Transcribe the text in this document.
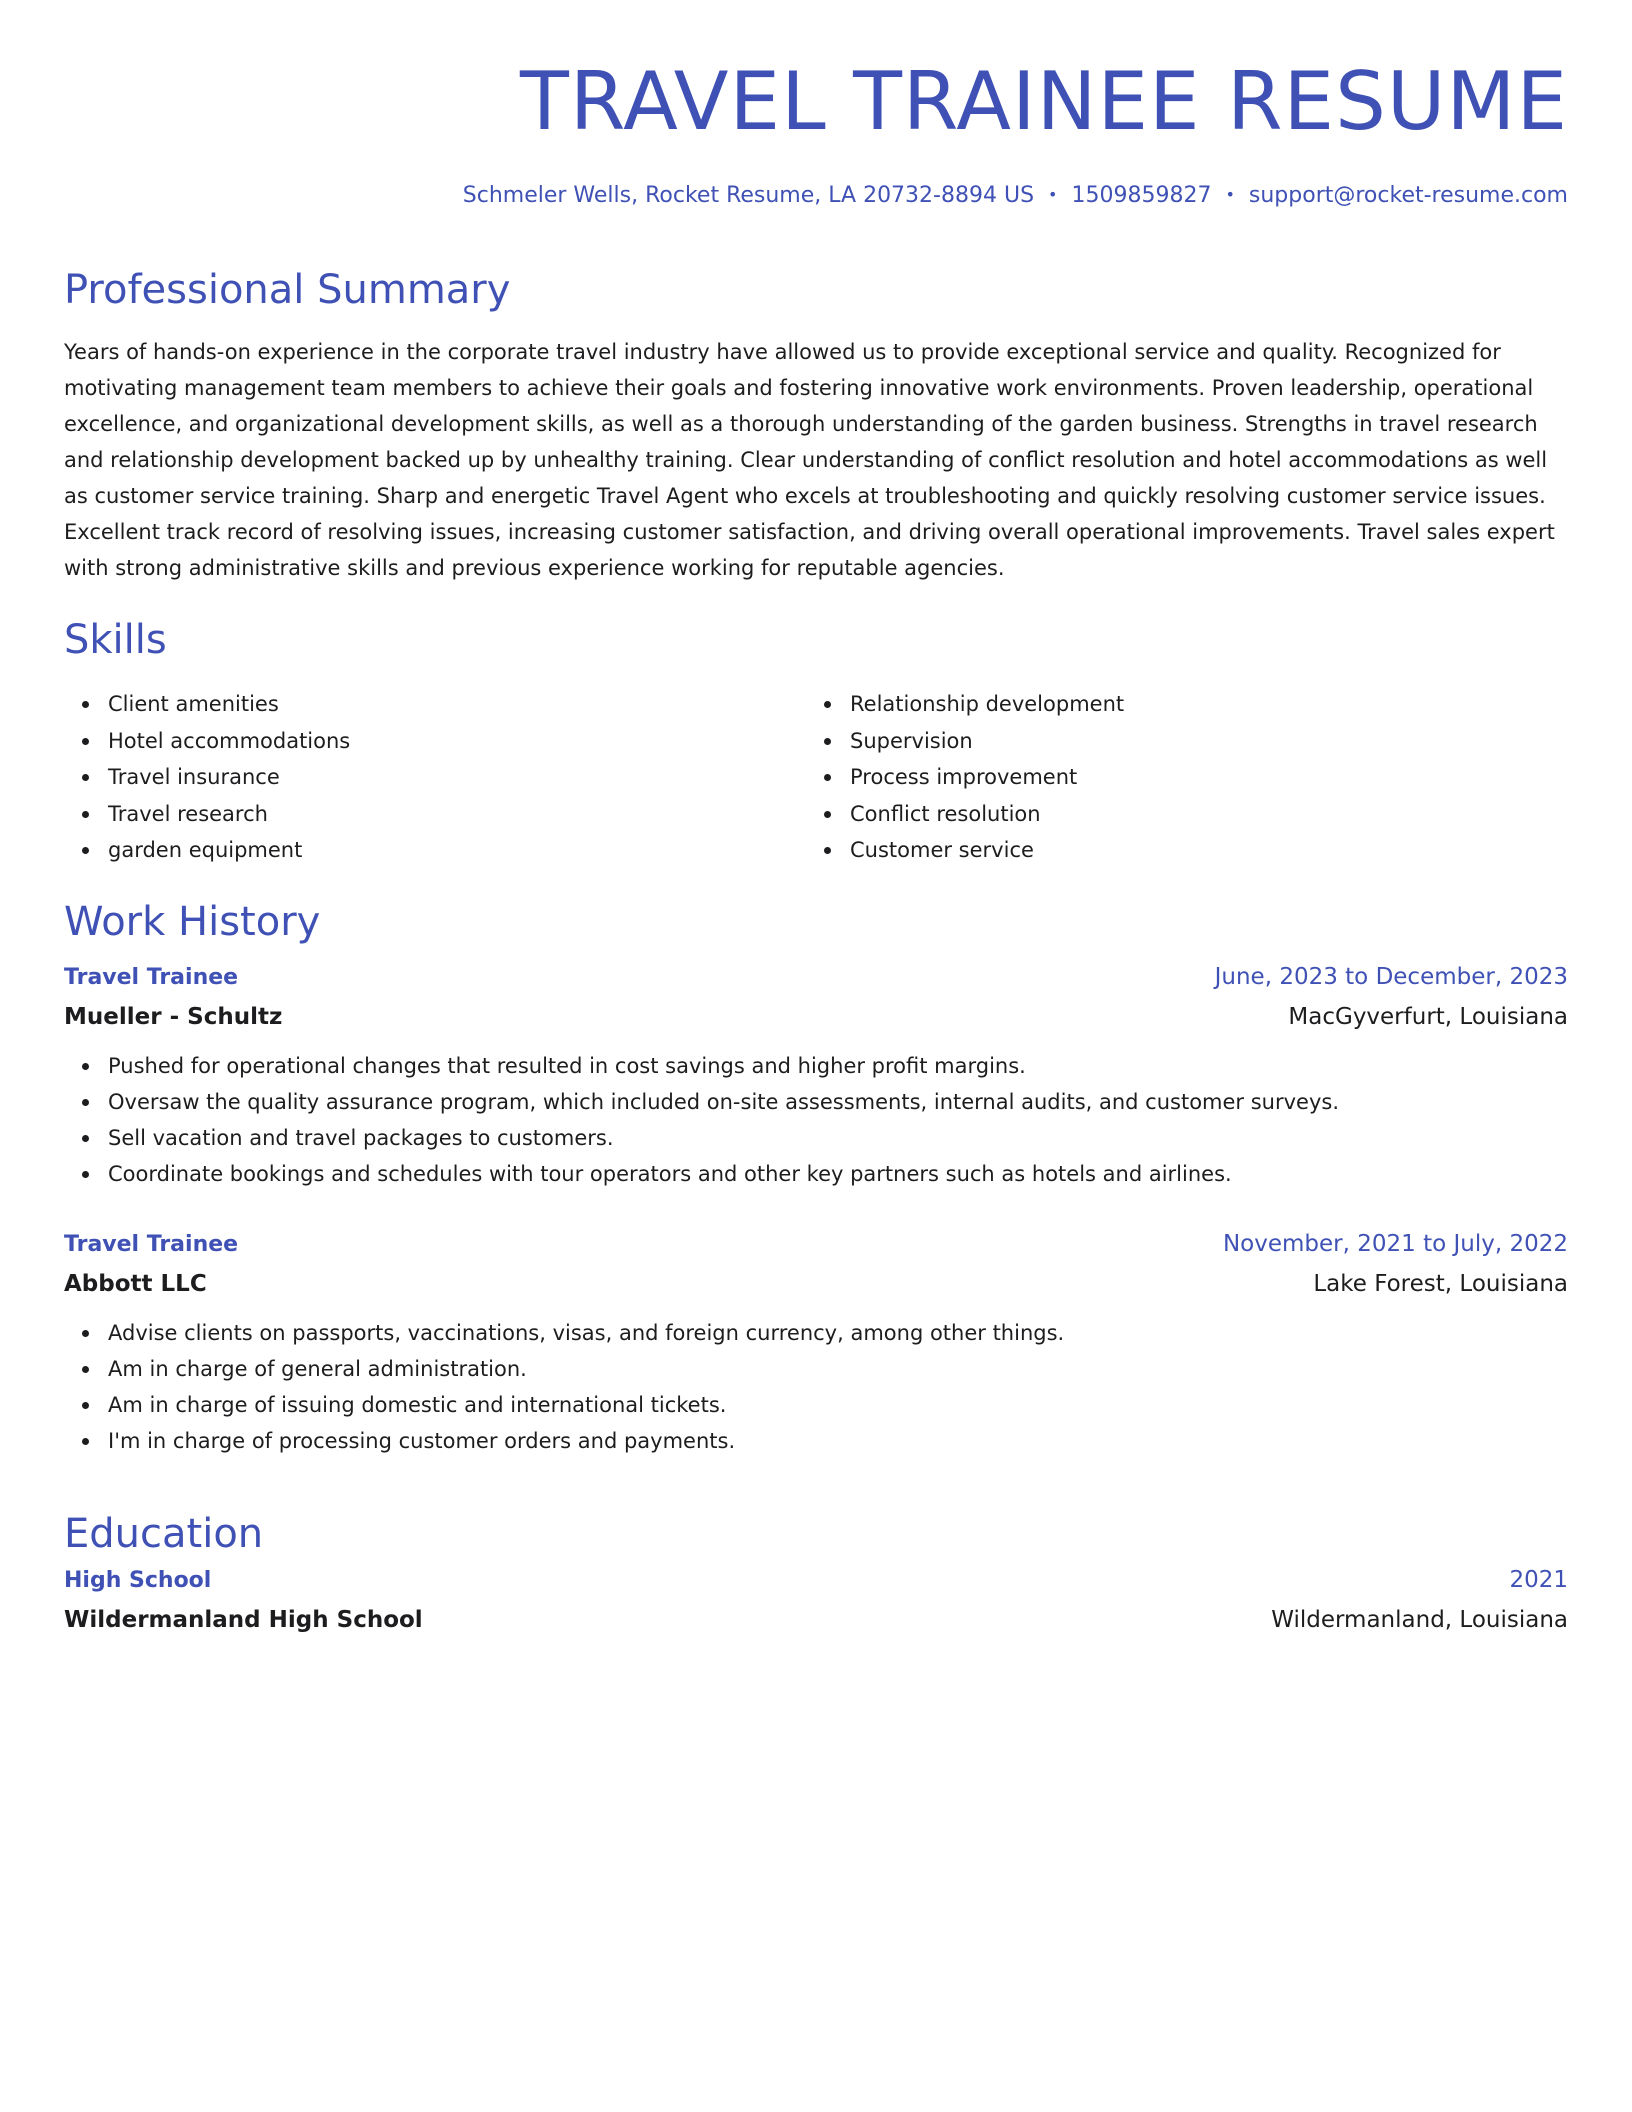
TRAVEL TRAINEE RESUME
Schmeler Wells, Rocket Resume, LA 20732-8894 US • 1509859827 • support@rocket-resume.com
Professional Summary

Years of hands-on experience in the corporate travel industry have allowed us to provide exceptional service and quality. Recognized for motivating management team members to achieve their goals and fostering innovative work environments. Proven leadership, operational excellence, and organizational development skills, as well as a thorough understanding of the garden business. Strengths in travel research and relationship development backed up by unhealthy training. Clear understanding of conflict resolution and hotel accommodations as well as customer service training. Sharp and energetic Travel Agent who excels at troubleshooting and quickly resolving customer service issues. Excellent track record of resolving issues, increasing customer satisfaction, and driving overall operational improvements. Travel sales expert with strong administrative skills and previous experience working for reputable agencies.

Skills
Client amenities
Hotel accommodations
Travel insurance
Travel research
garden equipment
Relationship development
Supervision
Process improvement
Conflict resolution
Customer service
Work History
Travel Trainee	June, 2023 to December, 2023
Mueller - Schultz	MacGyverfurt, Louisiana
Pushed for operational changes that resulted in cost savings and higher profit margins.
Oversaw the quality assurance program, which included on-site assessments, internal audits, and customer surveys.
Sell vacation and travel packages to customers.
Coordinate bookings and schedules with tour operators and other key partners such as hotels and airlines.
Travel Trainee	November, 2021 to July, 2022
Abbott LLC	Lake Forest, Louisiana
Advise clients on passports, vaccinations, visas, and foreign currency, among other things.
Am in charge of general administration.
Am in charge of issuing domestic and international tickets.
I'm in charge of processing customer orders and payments.
Education
High School	2021
Wildermanland High School	Wildermanland, Louisiana
